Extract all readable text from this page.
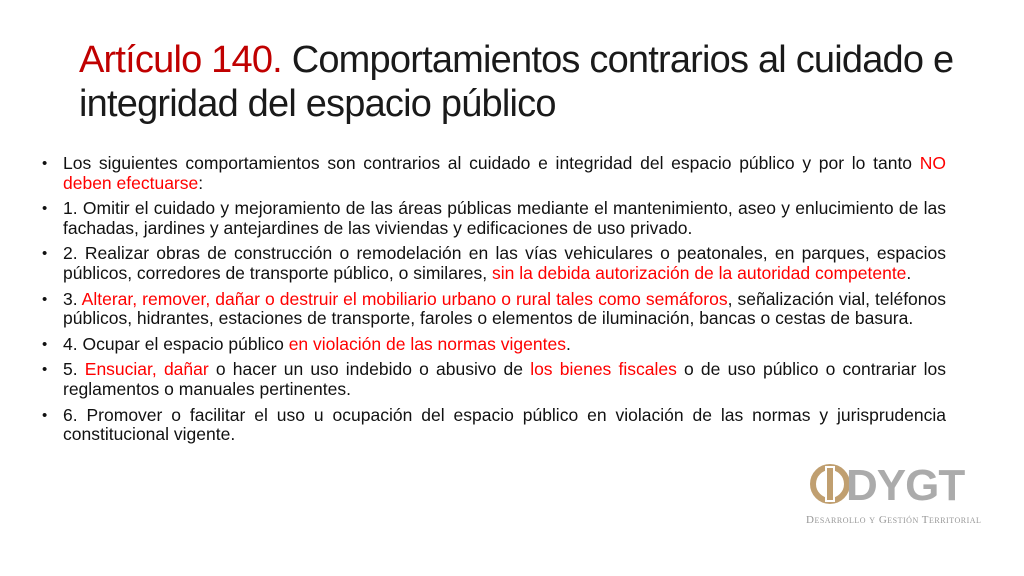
Artículo 140. Comportamientos contrarios al cuidado e integridad del espacio público
• Los siguientes comportamientos son contrarios al cuidado e integridad del espacio público y por lo tanto NO deben efectuarse:
• 1. Omitir el cuidado y mejoramiento de las áreas públicas mediante el mantenimiento, aseo y enlucimiento de las fachadas, jardines y antejardines de las viviendas y edificaciones de uso privado.
• 2. Realizar obras de construcción o remodelación en las vías vehiculares o peatonales, en parques, espacios públicos, corredores de transporte público, o similares, sin la debida autorización de la autoridad competente.
• 3. Alterar, remover, dañar o destruir el mobiliario urbano o rural tales como semáforos, señalización vial, teléfonos públicos, hidrantes, estaciones de transporte, faroles o elementos de iluminación, bancas o cestas de basura.
• 4. Ocupar el espacio público en violación de las normas vigentes.
• 5. Ensuciar, dañar o hacer un uso indebido o abusivo de los bienes fiscales o de uso público o contrariar los reglamentos o manuales pertinentes.
• 6. Promover o facilitar el uso u ocupación del espacio público en violación de las normas y jurisprudencia constitucional vigente.
DYGT
Desarrollo y Gestión Territorial
